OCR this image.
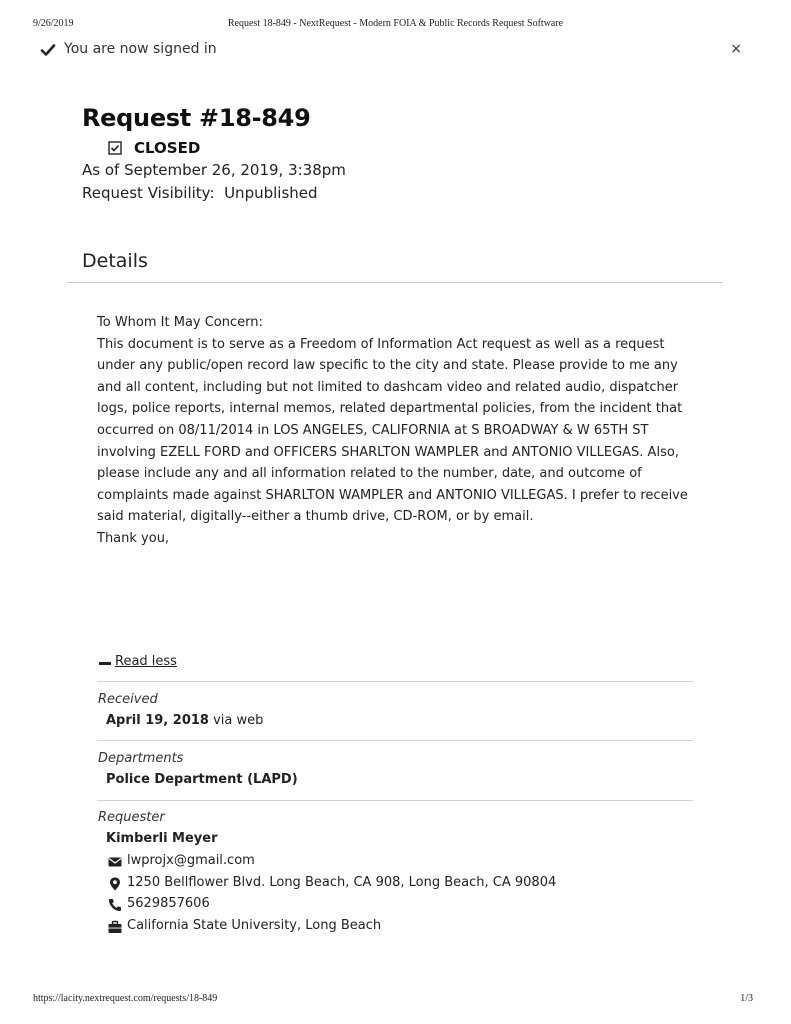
9/26/2019	Request 18-849 - NextRequest - Modern FOIA & Public Records Request Software
You are now signed in	×
Request #18-849
CLOSED
As of September 26, 2019, 3:38pm
Request Visibility: Unpublished
Details

To Whom It May Concern:

This document is to serve as a Freedom of Information Act request as well as a request under any public/open record law specific to the city and state. Please provide to me any and all content, including but not limited to dashcam video and related audio, dispatcher logs, police reports, internal memos, related departmental policies, from the incident that occurred on 08/11/2014 in LOS ANGELES, CALIFORNIA at S BROADWAY & W 65TH ST involving EZELL FORD and OFFICERS SHARLTON WAMPLER and ANTONIO VILLEGAS. Also, please include any and all information related to the number, date, and outcome of complaints made against SHARLTON WAMPLER and ANTONIO VILLEGAS. I prefer to receive said material, digitally--either a thumb drive, CD-ROM, or by email.

Thank you,

Read less
Received
April 19, 2018 via web
Departments
Police Department (LAPD)
Requester
Kimberli Meyer
lwprojx@gmail.com
1250 Bellflower Blvd. Long Beach, CA 908, Long Beach, CA 90804
5629857606
California State University, Long Beach
https://lacity.nextrequest.com/requests/18-849	1/3
